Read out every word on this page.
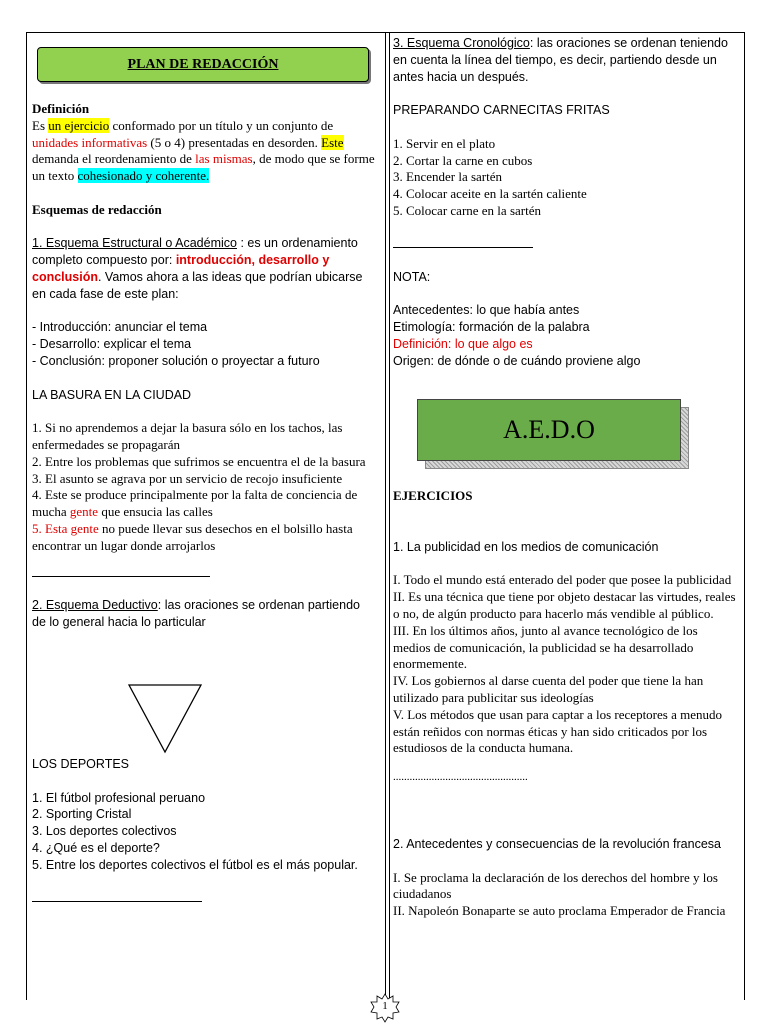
PLAN DE REDACCIÓN

Definición

Es un ejercicio conformado por un título y un conjunto de unidades informativas (5 o 4) presentadas en desorden. Este demanda el reordenamiento de las mismas, de modo que se forme un texto cohesionado y coherente.

Esquemas de redacción

1. Esquema Estructural o Académico : es un ordenamiento completo compuesto por: introducción, desarrollo y conclusión. Vamos ahora a las ideas que podrían ubicarse en cada fase de este plan:

- Introducción: anunciar el tema

- Desarrollo: explicar el tema

- Conclusión: proponer solución o proyectar a futuro

LA BASURA EN LA CIUDAD

1. Si no aprendemos a dejar la basura sólo en los tachos, las enfermedades se propagarán

2. Entre los problemas que sufrimos se encuentra el de la basura

3. El asunto se agrava por un servicio de recojo insuficiente

4. Este se produce principalmente por la falta de conciencia de mucha gente que ensucia las calles

5. Esta gente no puede llevar sus desechos en el bolsillo hasta encontrar un lugar donde arrojarlos

2. Esquema Deductivo: las oraciones se ordenan partiendo de lo general hacia lo particular

LOS DEPORTES

1. El fútbol profesional peruano

2. Sporting Cristal

3. Los deportes colectivos

4. ¿Qué es el deporte?

5. Entre los deportes colectivos el fútbol es el más popular.

3. Esquema Cronológico: las oraciones se ordenan teniendo en cuenta la línea del tiempo, es decir, partiendo desde un antes hacia un después.

PREPARANDO CARNECITAS FRITAS

1. Servir en el plato

2. Cortar la carne en cubos

3. Encender la sartén

4. Colocar aceite en la sartén caliente

5. Colocar carne en la sartén

NOTA:

Antecedentes: lo que había antes

Etimología: formación de la palabra

Definición: lo que algo es

Origen: de dónde o de cuándo proviene algo

A.E.D.O

EJERCICIOS

1. La publicidad en los medios de comunicación

I. Todo el mundo está enterado del poder que posee la publicidad

II. Es una técnica que tiene por objeto destacar las virtudes, reales o no, de algún producto para hacerlo más vendible al público.

III. En los últimos años, junto al avance tecnológico de los medios de comunicación, la publicidad se ha desarrollado enormemente.

IV. Los gobiernos al darse cuenta del poder que tiene la han utilizado para publicitar sus ideologías

V. Los métodos que usan para captar a los receptores a menudo están reñidos con normas éticas y han sido criticados por los estudiosos de la conducta humana.

.................................................

2. Antecedentes y consecuencias de la revolución francesa

I. Se proclama la declaración de los derechos del hombre y los ciudadanos

II. Napoleón Bonaparte se auto proclama Emperador de Francia

1
